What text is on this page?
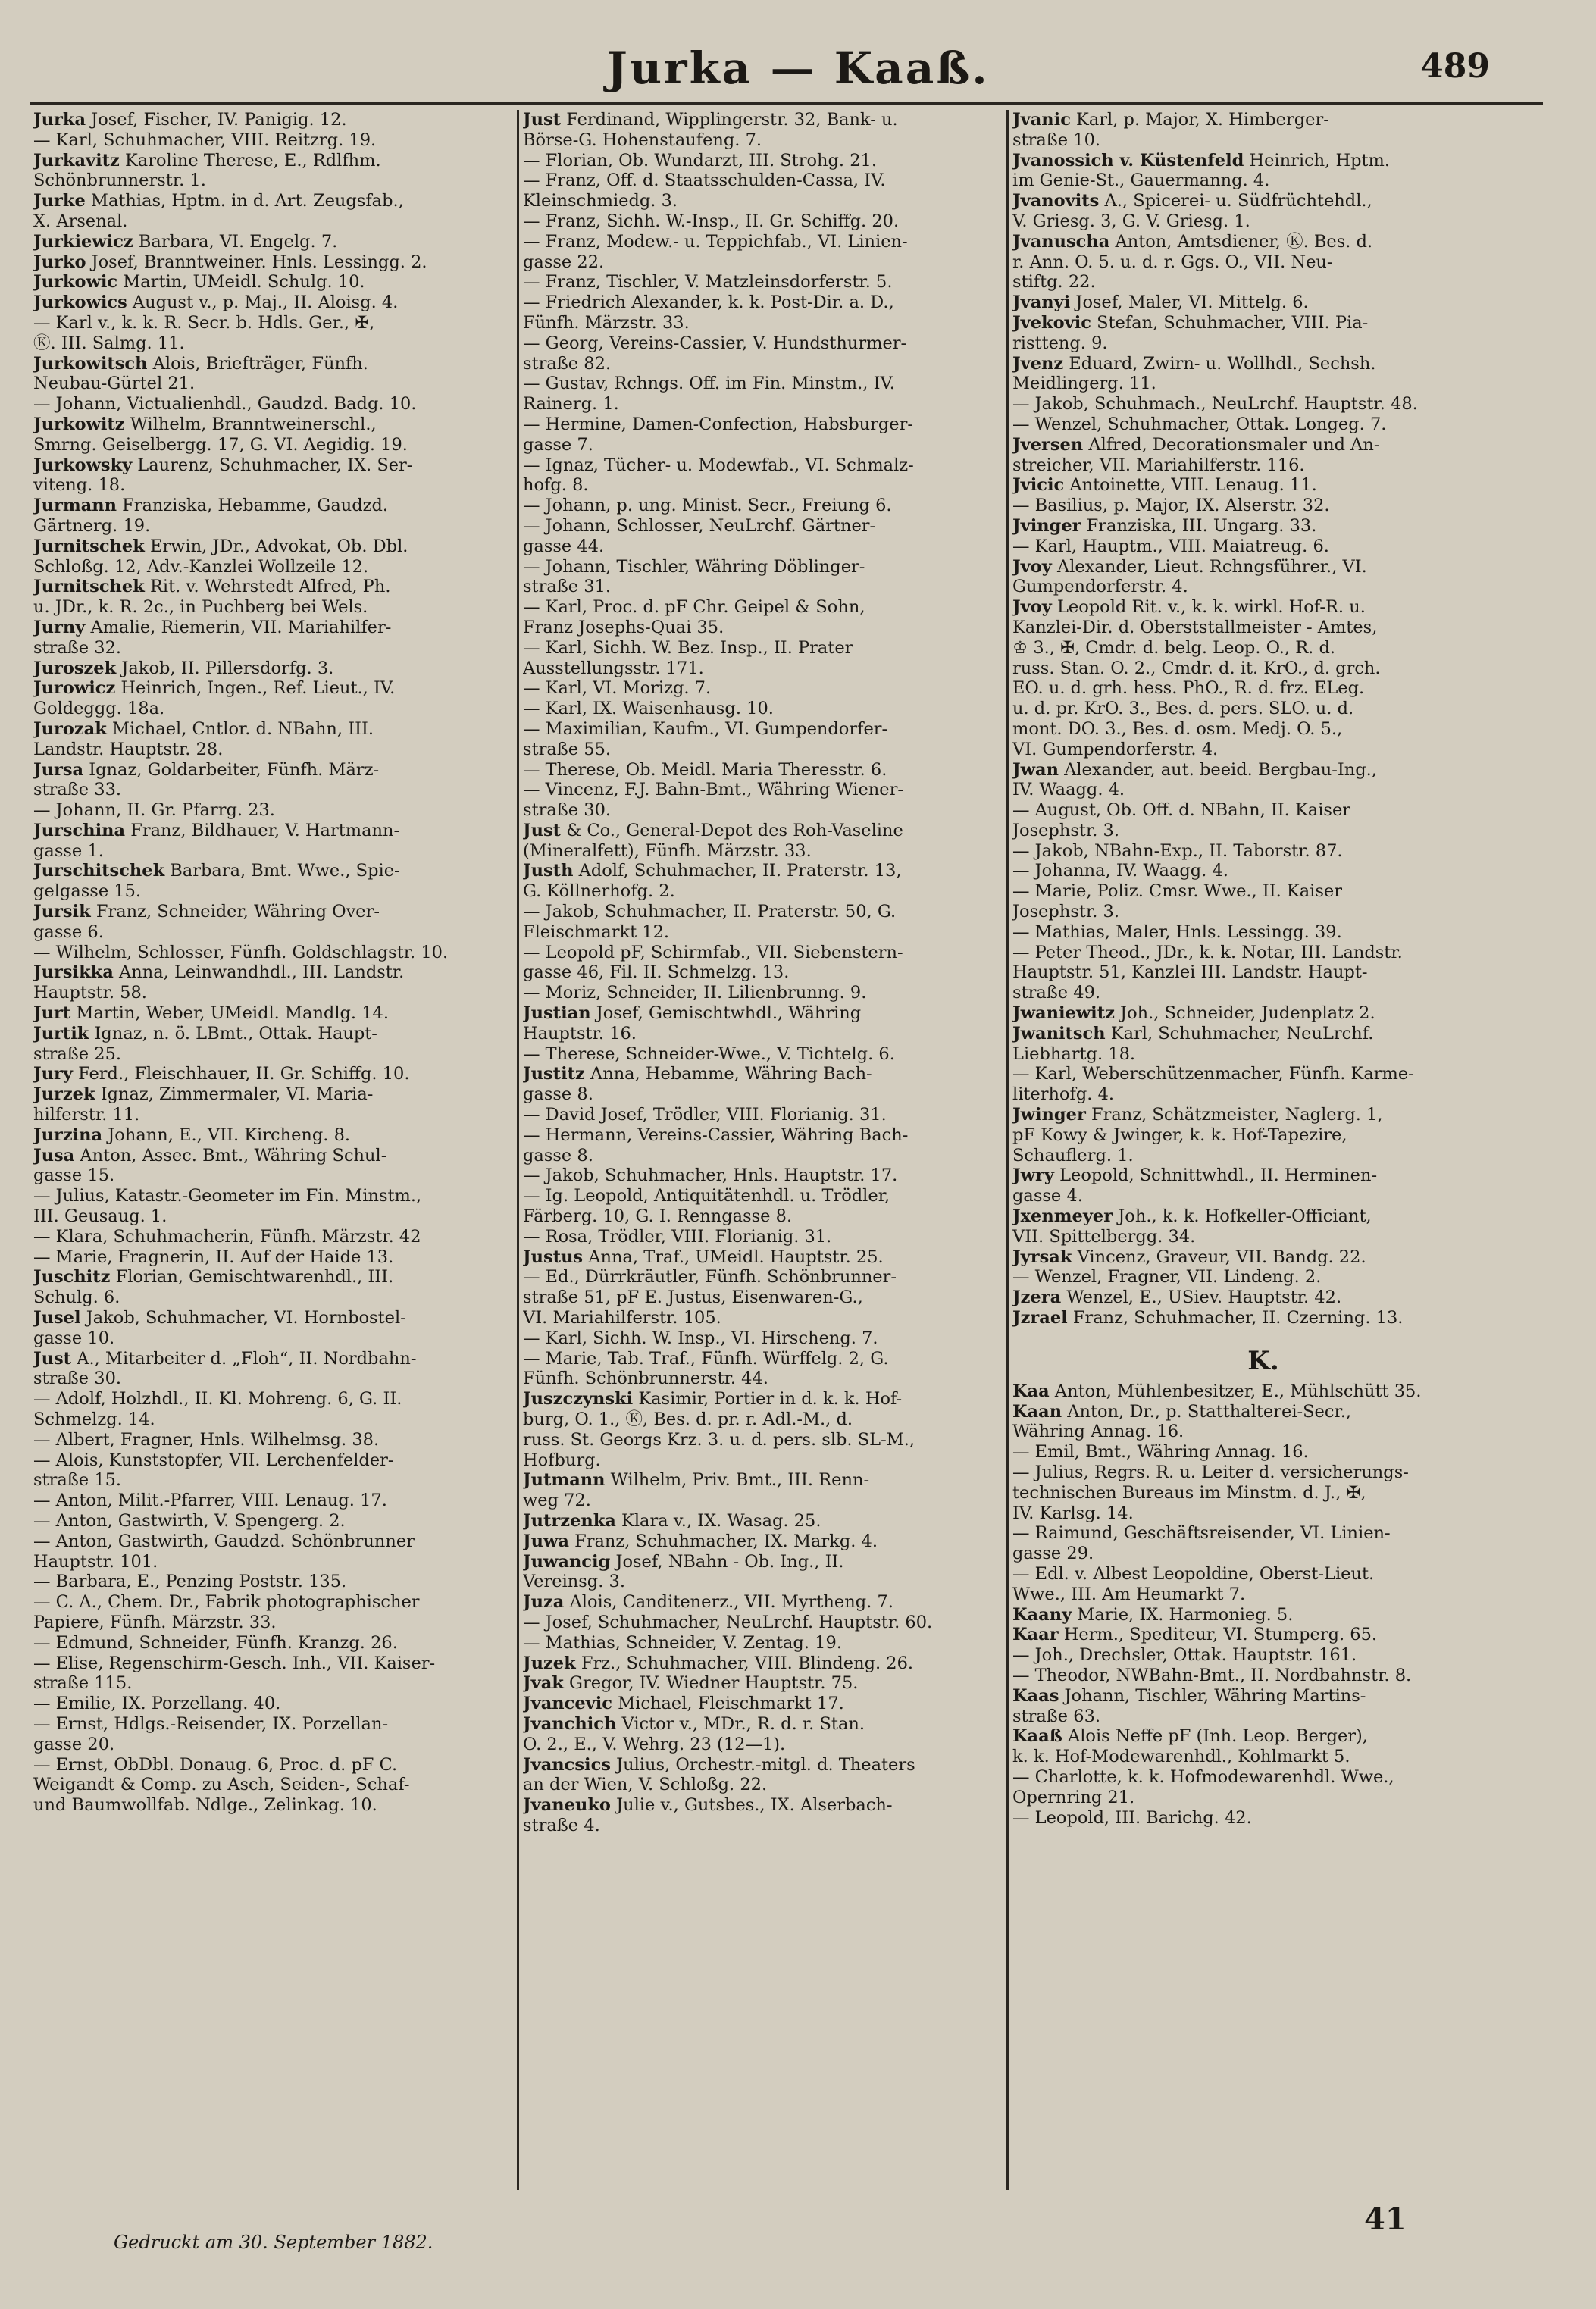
Jurka — Kaaß.	489
Jurka Josef, Fischer, IV. Panigig. 12.
— Karl, Schuhmacher, VIII. Reitzrg. 19.
Jurkavitz Karoline Therese, E., Rdlfhm.
Schönbrunnerstr. 1.
Jurke Mathias, Hptm. in d. Art. Zeugsfab.,
X. Arsenal.
Jurkiewicz Barbara, VI. Engelg. 7.
Jurko Josef, Branntweiner. Hnls. Lessingg. 2.
Jurkowic Martin, UMeidl. Schulg. 10.
Jurkowics August v., p. Maj., II. Aloisg. 4.
— Karl v., k. k. R. Secr. b. Hdls. Ger., ✠,
Ⓚ. III. Salmg. 11.
Jurkowitsch Alois, Briefträger, Fünfh.
Neubau-Gürtel 21.
— Johann, Victualienhdl., Gaudzd. Badg. 10.
Jurkowitz Wilhelm, Branntweinerschl.,
Smrng. Geiselbergg. 17, G. VI. Aegidig. 19.
Jurkowsky Laurenz, Schuhmacher, IX. Ser-
viteng. 18.
Jurmann Franziska, Hebamme, Gaudzd.
Gärtnerg. 19.
Jurnitschek Erwin, JDr., Advokat, Ob. Dbl.
Schloßg. 12, Adv.-Kanzlei Wollzeile 12.
Jurnitschek Rit. v. Wehrstedt Alfred, Ph.
u. JDr., k. R. 2c., in Puchberg bei Wels.
Jurny Amalie, Riemerin, VII. Mariahilfer-
straße 32.
Juroszek Jakob, II. Pillersdorfg. 3.
Jurowicz Heinrich, Ingen., Ref. Lieut., IV.
Goldeggg. 18a.
Jurozak Michael, Cntlor. d. NBahn, III.
Landstr. Hauptstr. 28.
Jursa Ignaz, Goldarbeiter, Fünfh. März-
straße 33.
— Johann, II. Gr. Pfarrg. 23.
Jurschina Franz, Bildhauer, V. Hartmann-
gasse 1.
Jurschitschek Barbara, Bmt. Wwe., Spie-
gelgasse 15.
Jursik Franz, Schneider, Währing Over-
gasse 6.
— Wilhelm, Schlosser, Fünfh. Goldschlagstr. 10.
Jursikka Anna, Leinwandhdl., III. Landstr.
Hauptstr. 58.
Jurt Martin, Weber, UMeidl. Mandlg. 14.
Jurtik Ignaz, n. ö. LBmt., Ottak. Haupt-
straße 25.
Jury Ferd., Fleischhauer, II. Gr. Schiffg. 10.
Jurzek Ignaz, Zimmermaler, VI. Maria-
hilferstr. 11.
Jurzina Johann, E., VII. Kircheng. 8.
Jusa Anton, Assec. Bmt., Währing Schul-
gasse 15.
— Julius, Katastr.-Geometer im Fin. Minstm.,
III. Geusaug. 1.
— Klara, Schuhmacherin, Fünfh. Märzstr. 42
— Marie, Fragnerin, II. Auf der Haide 13.
Juschitz Florian, Gemischtwarenhdl., III.
Schulg. 6.
Jusel Jakob, Schuhmacher, VI. Hornbostel-
gasse 10.
Just A., Mitarbeiter d. „Floh“, II. Nordbahn-
straße 30.
— Adolf, Holzhdl., II. Kl. Mohreng. 6, G. II.
Schmelzg. 14.
— Albert, Fragner, Hnls. Wilhelmsg. 38.
— Alois, Kunststopfer, VII. Lerchenfelder-
straße 15.
— Anton, Milit.-Pfarrer, VIII. Lenaug. 17.
— Anton, Gastwirth, V. Spengerg. 2.
— Anton, Gastwirth, Gaudzd. Schönbrunner
Hauptstr. 101.
— Barbara, E., Penzing Poststr. 135.
— C. A., Chem. Dr., Fabrik photographischer
Papiere, Fünfh. Märzstr. 33.
— Edmund, Schneider, Fünfh. Kranzg. 26.
— Elise, Regenschirm-Gesch. Inh., VII. Kaiser-
straße 115.
— Emilie, IX. Porzellang. 40.
— Ernst, Hdlgs.-Reisender, IX. Porzellan-
gasse 20.
— Ernst, ObDbl. Donaug. 6, Proc. d. pF C.
Weigandt & Comp. zu Asch, Seiden-, Schaf-
und Baumwollfab. Ndlge., Zelinkag. 10.
Just Ferdinand, Wipplingerstr. 32, Bank- u.
Börse-G. Hohenstaufeng. 7.
— Florian, Ob. Wundarzt, III. Strohg. 21.
— Franz, Off. d. Staatsschulden-Cassa, IV.
Kleinschmiedg. 3.
— Franz, Sichh. W.-Insp., II. Gr. Schiffg. 20.
— Franz, Modew.- u. Teppichfab., VI. Linien-
gasse 22.
— Franz, Tischler, V. Matzleinsdorferstr. 5.
— Friedrich Alexander, k. k. Post-Dir. a. D.,
Fünfh. Märzstr. 33.
— Georg, Vereins-Cassier, V. Hundsthurmer-
straße 82.
— Gustav, Rchngs. Off. im Fin. Minstm., IV.
Rainerg. 1.
— Hermine, Damen-Confection, Habsburger-
gasse 7.
— Ignaz, Tücher- u. Modewfab., VI. Schmalz-
hofg. 8.
— Johann, p. ung. Minist. Secr., Freiung 6.
— Johann, Schlosser, NeuLrchf. Gärtner-
gasse 44.
— Johann, Tischler, Währing Döblinger-
straße 31.
— Karl, Proc. d. pF Chr. Geipel & Sohn,
Franz Josephs-Quai 35.
— Karl, Sichh. W. Bez. Insp., II. Prater
Ausstellungsstr. 171.
— Karl, VI. Morizg. 7.
— Karl, IX. Waisenhausg. 10.
— Maximilian, Kaufm., VI. Gumpendorfer-
straße 55.
— Therese, Ob. Meidl. Maria Theresstr. 6.
— Vincenz, F.J. Bahn-Bmt., Währing Wiener-
straße 30.
Just & Co., General-Depot des Roh-Vaseline
(Mineralfett), Fünfh. Märzstr. 33.
Justh Adolf, Schuhmacher, II. Praterstr. 13,
G. Köllnerhofg. 2.
— Jakob, Schuhmacher, II. Praterstr. 50, G.
Fleischmarkt 12.
— Leopold pF, Schirmfab., VII. Siebenstern-
gasse 46, Fil. II. Schmelzg. 13.
— Moriz, Schneider, II. Lilienbrunng. 9.
Justian Josef, Gemischtwhdl., Währing
Hauptstr. 16.
— Therese, Schneider-Wwe., V. Tichtelg. 6.
Justitz Anna, Hebamme, Währing Bach-
gasse 8.
— David Josef, Trödler, VIII. Florianig. 31.
— Hermann, Vereins-Cassier, Währing Bach-
gasse 8.
— Jakob, Schuhmacher, Hnls. Hauptstr. 17.
— Ig. Leopold, Antiquitätenhdl. u. Trödler,
Färberg. 10, G. I. Renngasse 8.
— Rosa, Trödler, VIII. Florianig. 31.
Justus Anna, Traf., UMeidl. Hauptstr. 25.
— Ed., Dürrkräutler, Fünfh. Schönbrunner-
straße 51, pF E. Justus, Eisenwaren-G.,
VI. Mariahilferstr. 105.
— Karl, Sichh. W. Insp., VI. Hirscheng. 7.
— Marie, Tab. Traf., Fünfh. Würffelg. 2, G.
Fünfh. Schönbrunnerstr. 44.
Juszczynski Kasimir, Portier in d. k. k. Hof-
burg, O. 1., Ⓚ, Bes. d. pr. r. Adl.-M., d.
russ. St. Georgs Krz. 3. u. d. pers. slb. SL-M.,
Hofburg.
Jutmann Wilhelm, Priv. Bmt., III. Renn-
weg 72.
Jutrzenka Klara v., IX. Wasag. 25.
Juwa Franz, Schuhmacher, IX. Markg. 4.
Juwancig Josef, NBahn - Ob. Ing., II.
Vereinsg. 3.
Juza Alois, Canditenerz., VII. Myrtheng. 7.
— Josef, Schuhmacher, NeuLrchf. Hauptstr. 60.
— Mathias, Schneider, V. Zentag. 19.
Juzek Frz., Schuhmacher, VIII. Blindeng. 26.
Jvak Gregor, IV. Wiedner Hauptstr. 75.
Jvancevic Michael, Fleischmarkt 17.
Jvanchich Victor v., MDr., R. d. r. Stan.
O. 2., E., V. Wehrg. 23 (12—1).
Jvancsics Julius, Orchestr.-mitgl. d. Theaters
an der Wien, V. Schloßg. 22.
Jvaneuko Julie v., Gutsbes., IX. Alserbach-
straße 4.
Jvanic Karl, p. Major, X. Himberger-
straße 10.
Jvanossich v. Küstenfeld Heinrich, Hptm.
im Genie-St., Gauermanng. 4.
Jvanovits A., Spicerei- u. Südfrüchtehdl.,
V. Griesg. 3, G. V. Griesg. 1.
Jvanuscha Anton, Amtsdiener, Ⓚ. Bes. d.
r. Ann. O. 5. u. d. r. Ggs. O., VII. Neu-
stiftg. 22.
Jvanyi Josef, Maler, VI. Mittelg. 6.
Jvekovic Stefan, Schuhmacher, VIII. Pia-
ristteng. 9.
Jvenz Eduard, Zwirn- u. Wollhdl., Sechsh.
Meidlingerg. 11.
— Jakob, Schuhmach., NeuLrchf. Hauptstr. 48.
— Wenzel, Schuhmacher, Ottak. Longeg. 7.
Jversen Alfred, Decorationsmaler und An-
streicher, VII. Mariahilferstr. 116.
Jvicic Antoinette, VIII. Lenaug. 11.
— Basilius, p. Major, IX. Alserstr. 32.
Jvinger Franziska, III. Ungarg. 33.
— Karl, Hauptm., VIII. Maiatreug. 6.
Jvoy Alexander, Lieut. Rchngsführer., VI.
Gumpendorferstr. 4.
Jvoy Leopold Rit. v., k. k. wirkl. Hof-R. u.
Kanzlei-Dir. d. Oberststallmeister - Amtes,
♔ 3., ✠, Cmdr. d. belg. Leop. O., R. d.
russ. Stan. O. 2., Cmdr. d. it. KrO., d. grch.
EO. u. d. grh. hess. PhO., R. d. frz. ELeg.
u. d. pr. KrO. 3., Bes. d. pers. SLO. u. d.
mont. DO. 3., Bes. d. osm. Medj. O. 5.,
VI. Gumpendorferstr. 4.
Jwan Alexander, aut. beeid. Bergbau-Ing.,
IV. Waagg. 4.
— August, Ob. Off. d. NBahn, II. Kaiser
Josephstr. 3.
— Jakob, NBahn-Exp., II. Taborstr. 87.
— Johanna, IV. Waagg. 4.
— Marie, Poliz. Cmsr. Wwe., II. Kaiser
Josephstr. 3.
— Mathias, Maler, Hnls. Lessingg. 39.
— Peter Theod., JDr., k. k. Notar, III. Landstr.
Hauptstr. 51, Kanzlei III. Landstr. Haupt-
straße 49.
Jwaniewitz Joh., Schneider, Judenplatz 2.
Jwanitsch Karl, Schuhmacher, NeuLrchf.
Liebhartg. 18.
— Karl, Weberschützenmacher, Fünfh. Karme-
literhofg. 4.
Jwinger Franz, Schätzmeister, Naglerg. 1,
pF Kowy & Jwinger, k. k. Hof-Tapezire,
Schauflerg. 1.
Jwry Leopold, Schnittwhdl., II. Herminen-
gasse 4.
Jxenmeyer Joh., k. k. Hofkeller-Officiant,
VII. Spittelbergg. 34.
Jyrsak Vincenz, Graveur, VII. Bandg. 22.
— Wenzel, Fragner, VII. Lindeng. 2.
Jzera Wenzel, E., USiev. Hauptstr. 42.
Jzrael Franz, Schuhmacher, II. Czerning. 13.
K.
Kaa Anton, Mühlenbesitzer, E., Mühlschütt 35.
Kaan Anton, Dr., p. Statthalterei-Secr.,
Währing Annag. 16.
— Emil, Bmt., Währing Annag. 16.
— Julius, Regrs. R. u. Leiter d. versicherungs-
technischen Bureaus im Minstm. d. J., ✠,
IV. Karlsg. 14.
— Raimund, Geschäftsreisender, VI. Linien-
gasse 29.
— Edl. v. Albest Leopoldine, Oberst-Lieut.
Wwe., III. Am Heumarkt 7.
Kaany Marie, IX. Harmonieg. 5.
Kaar Herm., Spediteur, VI. Stumperg. 65.
— Joh., Drechsler, Ottak. Hauptstr. 161.
— Theodor, NWBahn-Bmt., II. Nordbahnstr. 8.
Kaas Johann, Tischler, Währing Martins-
straße 63.
Kaaß Alois Neffe pF (Inh. Leop. Berger),
k. k. Hof-Modewarenhdl., Kohlmarkt 5.
— Charlotte, k. k. Hofmodewarenhdl. Wwe.,
Opernring 21.
— Leopold, III. Barichg. 42.
Gedruckt am 30. September 1882.
41
